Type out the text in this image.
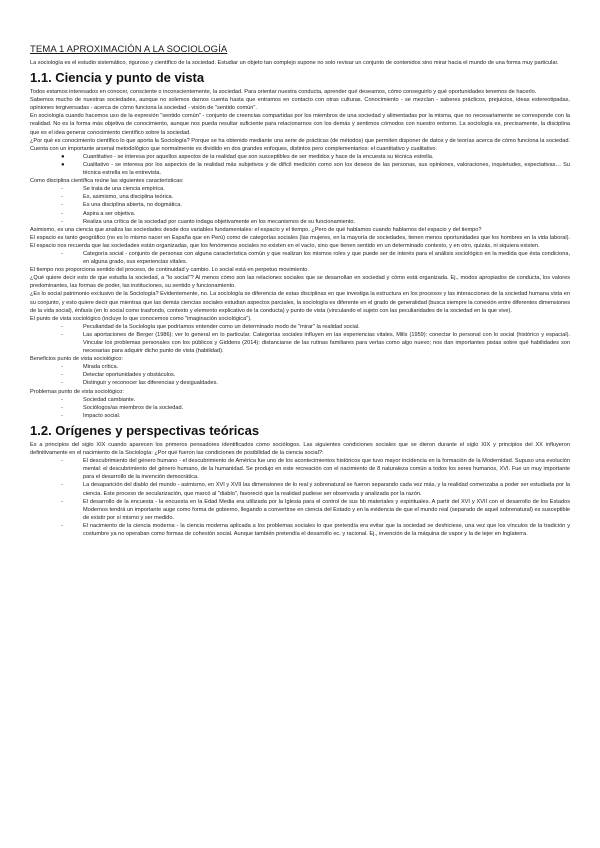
TEMA 1 APROXIMACIÓN A LA SOCIOLOGÍA

La sociología es el estudio sistemático, riguroso y científico de la sociedad. Estudiar un objeto tan complejo supone no solo revisar un conjunto de contenidos sino mirar hacia el mundo de una forma muy particular.

1.1. Ciencia y punto de vista

Todos estamos interesados en conocer, consciente o inconscientemente, la sociedad. Para orientar nuestra conducta, aprender qué deseamos, cómo conseguirlo y qué oportunidades tenemos de hacerlo.

Sabemos mucho de nuestras sociedades, aunque no solemos darnos cuenta hasta que entramos en contacto con otras culturas. Conocimiento - se mezclan - saberes prácticos, prejuicios, ideas estereotipadas, opiniones tergiversadas - acerca de cómo funciona la sociedad - visión de "sentido común".

En sociología cuando hacemos uso de la expresión "sentido común" - conjunto de creencias compartidas por los miembros de una sociedad y alimentadas por la misma, que no necesariamente se corresponde con la realidad. No es la forma más objetiva de conocimiento, aunque nos pueda resultar suficiente para relacionarnos con los demás y sentirnos cómodos con nuestro entorno. La sociología es, precisamente, la disciplina que es el idea generar conocimiento científico sobre la sociedad.

¿Por qué es conocimiento científico lo que aporta la Sociología? Porque se ha obtenido mediante una serie de prácticas (de métodos) que permiten disponer de datos y de teorías acerca de cómo funciona la sociedad. Cuenta con un importante arsenal metodológico que normalmente es dividido en dos grandes enfoques, distintos pero complementarios: el cuantitativo y cualitativo.

●	Cuantitativo - se interesa por aquellos aspectos de la realidad que son susceptibles de ser medidos y hace de la encuesta su técnica estrella.
●	Cualitativo - se interesa por los aspectos de la realidad más subjetivos y de difícil medición como son los deseos de las personas, sus opiniones, valoraciones, inquietudes, expectativas… Su técnica estrella es la entrevista.

Como disciplina científica reúne las siguientes características:

-	Se trata de una ciencia empírica.
-	Es, asimismo, una disciplina teórica.
-	Es una disciplina abierta, no dogmática.
-	Aspira a ser objetiva.
-	Realiza una crítica de la sociedad por cuanto indaga objetivamente en los mecanismos de su funcionamiento.

Asimismo, es una ciencia que analiza las sociedades desde dos variables fundamentales: el espacio y el tiempo. ¿Pero de qué hablamos cuando hablamos del espacio y del tiempo?

El espacio es tanto geográfico (no es lo mismo nacer en España que en Perú) como de categorías sociales (las mujeres, en la mayoría de sociedades, tienen menos oportunidades que los hombres en la vida laboral). El espacio nos recuerda que las sociedades están organizadas, que los fenómenos sociales no existen en el vacío, sino que tienen sentido en un determinado contexto, y en otro, quizás, ni siquiera existen.

-	Categoría social - conjunto de personas con alguna característica común y que realizan los mismos roles y que puede ser de interés para el análisis sociológico en la medida que ésta condiciona, en alguna grado, sus experiencias vitales.

El tiempo nos proporciona sentido del proceso, de continuidad y cambio. Lo social está en perpetuo movimiento.

¿Qué quiere decir esto de que estudia la sociedad, a "lo social"? Al menos cómo son las relaciones sociales que se desarrollan en sociedad y cómo está organizada. Ej., modos apropiados de conducta, los valores predominantes, las formas de poder, las instituciones, su sentido y funcionamiento.

¿Es lo social patrimonio exclusivo de la Sociología? Evidentemente, no. La sociología se diferencia de estas disciplinas en que investiga la estructura en los procesos y las interacciones de la sociedad humana vista en su conjunto, y esto quiere decir que mientras que las demás ciencias sociales estudian aspectos parciales, la sociología es diferente en el grado de generalidad (busca siempre la conexión entre diferentes dimensiones de la vida social), énfasis (en lo social como trasfondo, contexto y elemento explicativo de la conducta) y punto de vista (vinculando el sujeto con las peculiaridades de la sociedad en la que vive).

El punto de vista sociológico (incluye lo que conocemos como "imaginación sociológica").

-	Peculiaridad de la Sociología que podríamos entender como un determinado modo de "mirar" la realidad social.
-	Las aportaciones de Berger (1986): ver lo general en lo particular. Categorías sociales influyen en las experiencias vitales, Mills (1959): conectar lo personal con lo social (histórico y espacial). Vincular los problemas personales con los públicos y Giddens (2014): distanciarse de las rutinas familiares para verlas como algo nuevo; nos dan importantes pistas sobre qué habilidades son necesarias para adquirir dicho punto de vista (habilidad).

Beneficios punto de vista sociológico:

-	Mirada crítica.
-	Detectar oportunidades y obstáculos.
-	Distinguir y reconocer las diferencias y desigualdades.

Problemas punto de vista sociológico:

-	Sociedad cambiante.
-	Sociólogos/as miembros de la sociedad.
-	Impacto social.
1.2. Orígenes y perspectivas teóricas

Es a principios del siglo XIX cuando aparecen los primeros pensadores identificados como sociólogos. Las siguientes condiciones sociales que se dieron durante el siglo XIX y principios del XX influyeron definitivamente en el nacimiento de la Sociología: ¿Por qué fueron las condiciones de posibilidad de la ciencia social?:

-	El descubrimiento del género humano - el descubrimiento de América fue uno de los acontecimientos históricos que tuvo mayor incidencia en la formación de la Modernidad. Supuso una evolución mental: el descubrimiento del género humano, de la humanidad. Se produjo en este recreación con el nacimiento de 8 naturaleza común a todos los seres humanos, XVI. Fue un muy importante para el desarrollo de la invención democrática.
-	La desaparición del diablo del mundo - asimismo, en XVI y XVII las dimensiones de lo real y sobrenatural se fueron separando cada vez más, y la realidad comenzaba a poder ser estudiada por la ciencia. Este proceso de secularización, que marcó al "diablo", favoreció que la realidad pudiese ser observada y analizada por la razón.
-	El desarrollo de la encuesta - la encuesta en la Edad Media era utilizada por la Iglesia para el control de sus bb materiales y espirituales. A partir del XVI y XVII con el desarrollo de los Estados Modernos tendrá un importante auge como forma de gobierno, llegando a convertirse en ciencia del Estado y en la evidencia de que el mundo real (separado de aquel sobrenatural) es susceptible de existir por sí mismo y ser medido.
-	El nacimiento de la ciencia moderna - la ciencia moderna aplicada a los problemas sociales lo que pretendía era evitar que la sociedad se deshiciese, una vez que los vínculos de la tradición y costumbre ya no operaban como formas de cohesión social. Aunque también pretendía el desarrollo ec. y racional. Ej., invención de la máquina de vapor y la de tejer en Inglaterra.
